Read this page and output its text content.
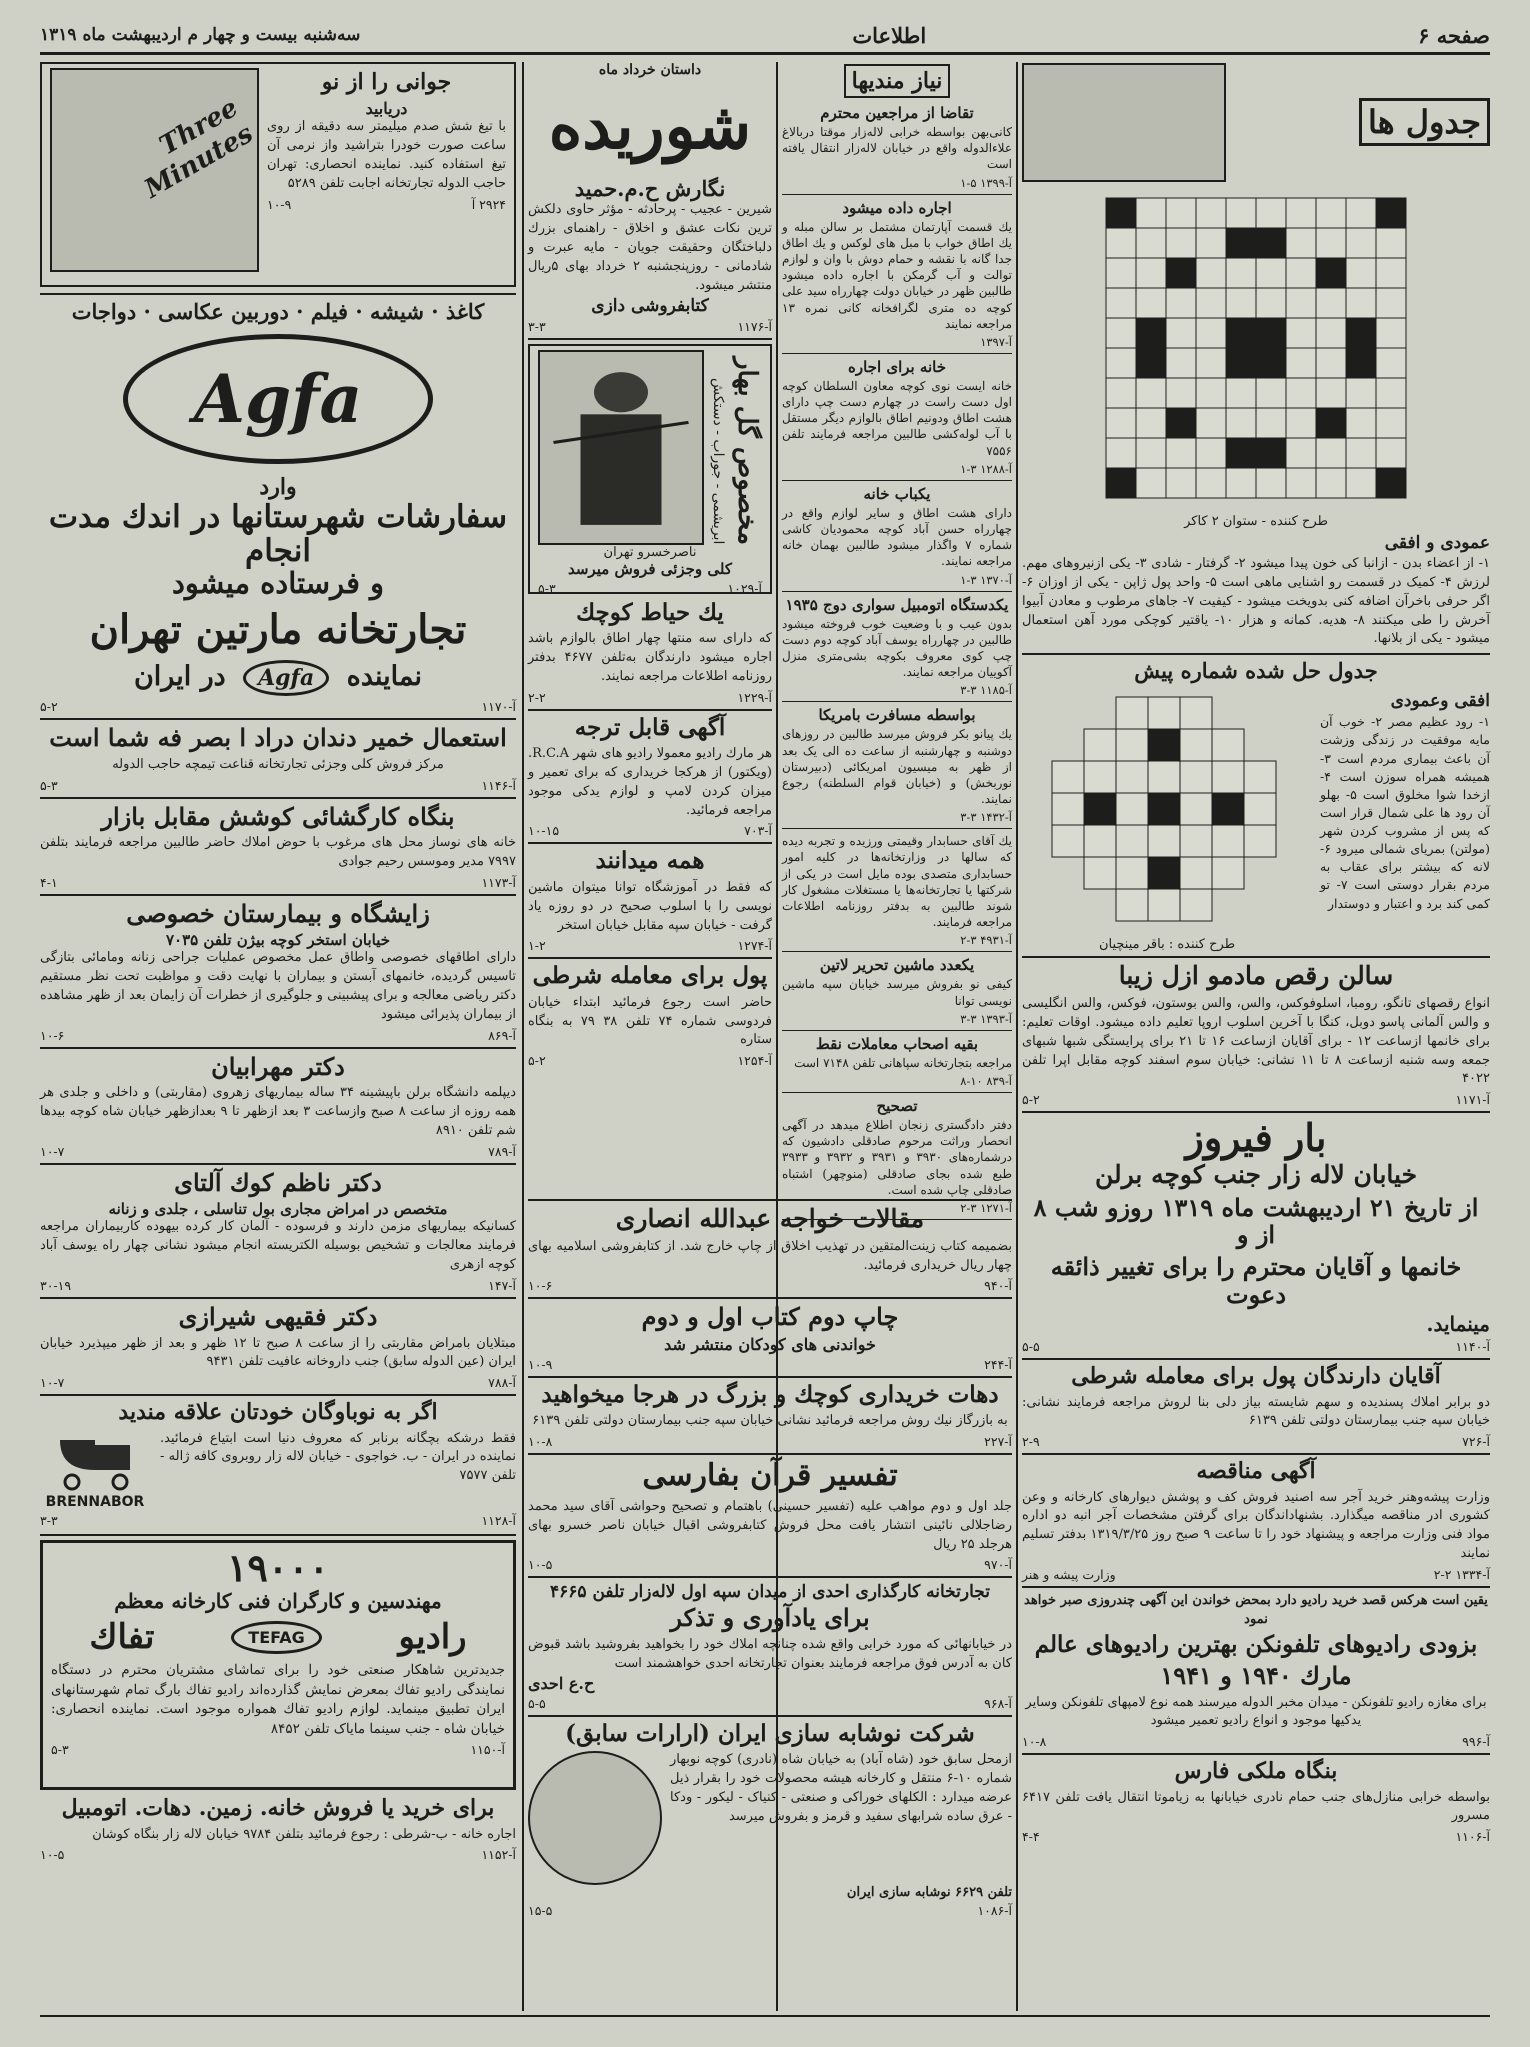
صفحه ۶
اطلاعات
سه‌شنبه بیست و چهار م اردیبهشت ماه ۱۳۱۹
جوانی را از نو
دریابید
با تیغ شش صدم میلیمتر سه دقیقه از روی ساعت صورت خودرا بتراشید واز نرمی آن تیغ استفاده کنید. نماینده انحصاری: تهران حاجب الدوله تجارتخانه اجابت تلفن ۵۲۸۹
۲۹۲۴ آ
۱۰-۹
Three Minutes
کاغذ · شیشه · فیلم · دوربین عکاسی · دواجات
Agfa
وارد
سفارشات شهرستانها در اندك مدت انجام
و فرستاده میشود
تجارتخانه مارتین تهران
نماینده Agfa در ایران
آ-۱۱۷۰
۵-۲
استعمال خمیر دندان دراد ا بصر فه شما است
مرکز فروش کلی وجزئی تجارتخانه قناعت تیمچه حاجب الدوله
آ-۱۱۴۶
۵-۳
بنگاه کارگشائی کوشش مقابل بازار
خانه های نوساز محل های مرغوب با حوض املاك حاضر طالبین مراجعه فرمایند بتلفن ۷۹۹۷ مدیر وموسس رحیم جوادی
آ-۱۱۷۳
۴-۱
زایشگاه و بیمارستان خصوصی
خیابان استخر کوچه بیژن تلفن ۷۰۳۵
دارای اطاقهای خصوصی واطاق عمل مخصوص عملیات جراحی زنانه ومامائی بتازگی تاسیس گردیده، خانمهای آبستن و بیماران با نهایت دقت و مواظبت تحت نظر مستقیم دکتر ریاضی معالجه و برای پیشبینی و جلوگیری از خطرات آن زایمان بعد از ظهر مشاهده از بیماران پذیرائی میشود
آ-۸۶۹
۱۰-۶
دکتر مهرابیان
دیپلمه دانشگاه برلن باپیشینه ۳۴ ساله بیماریهای زهروی (مقاربتی) و داخلی و جلدی هر همه روزه از ساعت ۸ صبح وازساعت ۳ بعد ازظهر تا ۹ بعدازظهر خیابان شاه کوچه بیدها شم تلفن ۸۹۱۰
آ-۷۸۹
۱۰-۷
دکتر ناظم کوك آلتای
متخصص در امراض مجاری بول تناسلی ، جلدی و زنانه
کسانیکه بیماریهای مزمن دارند و فرسوده - آلمان کار کرده بیهوده کاربیماران مراجعه فرمایند معالجات و تشخیص بوسیله الکتریسته انجام میشود نشانی چهار راه یوسف آباد کوچه ازهری
آ-۱۴۷
۳۰-۱۹
دکتر فقیهی شیرازی
مبتلایان بامراض مقاربتی را از ساعت ۸ صبح تا ۱۲ ظهر و بعد از ظهر میپذیرد خیابان ایران (عین الدوله سابق) جنب داروخانه عافیت تلفن ۹۴۳۱
آ-۷۸۸
۱۰-۷
اگر به نوباوگان خودتان علاقه مندید
فقط درشکه بچگانه برنابر که معروف دنیا است ابتیاع فرمائید. نماینده در ایران - ب. خواجوی - خیابان لاله زار روبروی کافه ژاله - تلفن ۷۵۷۷
BRENNABOR
آ-۱۱۲۸
۳-۳
۱۹۰۰۰
مهندسین و کارگران فنی کارخانه معظم
رادیو
TEFAG
تفاك
جدیدترین شاهکار صنعتی خود را برای تماشای مشتریان محترم در دستگاه نمایندگی رادیو تفاك بمعرض نمایش گذارده‌اند رادیو تفاك بارگ تمام شهرستانهای ایران تطبیق مینماید. لوازم رادیو تفاك همواره موجود است. نماینده انحصاری: خیابان شاه - جنب سینما مایاک تلفن ۸۴۵۲
آ-۱۱۵۰
۵-۳
برای خرید یا فروش خانه. زمین. دهات. اتومبیل
اجاره خانه - ب-شرطی : رجوع فرمائید بتلفن ۹۷۸۴ خیابان لاله زار بنگاه کوشان
آ-۱۱۵۲
۱۰-۵
داستان خرداد ماه
شوریده
نگارش ح.م.حمید
شیرین - عجیب - پرحادثه - مؤثر حاوی دلکش ترین نکات عشق و اخلاق - راهنمای بزرك دلباختگان وحقیقت جویان - مایه عبرت و شادمانی - روزپنجشنبه ۲ خرداد بهای ۵ریال منتشر میشود.
کتابفروشی دازی
آ-۱۱۷۶
۳-۳
مخصوص گل بهار
ابریشمی - جوراب - دستکش
ناصرخسرو تهران
کلی وجزئی فروش میرسد
آ-۱۰۲۹
۵-۳
یك حیاط کوچك
که دارای سه منتها چهار اطاق بالوازم باشد اجاره میشود دارندگان به‌تلفن ۴۶۷۷ بدفتر روزنامه اطلاعات مراجعه نمایند.
آ-۱۲۲۹
۲-۲
آگهی قابل ترجه
هر مارك رادیو معمولا رادیو های شهر R.C.A. (ویکتور) از هرکجا خریداری که برای تعمیر و میزان کردن لامپ و لوازم یدکی موجود مراجعه فرمائید.
آ-۷۰۳
۱۰-۱۵
همه میدانند
که فقط در آموزشگاه توانا میتوان ماشین نویسی را با اسلوب صحیح در دو روزه یاد گرفت - خیابان سپه مقابل خیابان استخر
آ-۱۲۷۴
۱-۲
پول برای معامله شرطی
حاضر است رجوع فرمائید ابتداء خیابان فردوسی شماره ۷۴ تلفن ۳۸ ۷۹ به بنگاه ستاره
آ-۱۲۵۴
۵-۲
نیاز مندیها
تقاضا از مراجعین محترم
کانی‌بهن بواسطه خرابی لاله‌زار موقتا دربالاغ علاءالدوله واقع در خیابان لاله‌زار انتقال یافته است
آ-۱۳۹۹ ۵-۱
اجاره داده میشود
یك قسمت آپارتمان مشتمل بر سالن مبله و یك اطاق خواب با مبل های لوکس و یك اطاق جدا گانه با نقشه و حمام دوش با وان و لوازم توالت و آب گرمکن با اجاره داده میشود طالبین ظهر در خیابان دولت چهارراه سید علی کوچه ده متری لگرافخانه کانی نمره ۱۳ مراجعه نمایند
آ-۱۳۹۷
خانه برای اجاره
خانه ایست نوی کوچه معاون السلطان کوچه اول دست راست در چهارم دست چپ دارای هشت اطاق ودونیم اطاق بالوازم دیگر مستقل با آب لوله‌کشی طالبین مراجعه فرمایند تلفن ۷۵۵۶
آ-۱۲۸۸ ۳-۱
یکباب خانه
دارای هشت اطاق و سایر لوازم واقع در چهارراه حسن آباد کوچه محمودیان کاشی شماره ۷ واگذار میشود طالبین بهمان خانه مراجعه نمایند.
آ-۱۳۷۰ ۳-۱
یکدستگاه اتومبیل سواری دوج ۱۹۳۵
بدون عیب و با وضعیت خوب فروخته میشود طالبین در چهارراه یوسف آباد کوچه دوم دست چپ کوی معروف بکوچه بشی‌متری منزل آکوییان مراجعه نمایند.
آ-۱۱۸۵ ۳-۳
بواسطه مسافرت بامریکا
یك پیانو بکر فروش میرسد طالبین در روزهای دوشنبه و چهارشنبه از ساعت ده الی یک بعد از ظهر به میسیون امریکائی (دبیرستان نوربخش) و (خیابان قوام السلطنه) رجوع نمایند.
آ-۱۴۳۲ ۳-۳
یك آقای حسابدار وقیمتی ورزیده و تجربه دیده که سالها در وزارتخانه‌ها در کلیه امور حسابداری متصدی بوده مایل است در یکی از شرکتها یا تجارتخانه‌ها یا مستغلات مشغول کار شوند طالبین به بدفتر روزنامه اطلاعات مراجعه فرمایند.
آ-۴۹۳۱ ۳-۲
یکعدد ماشین تحریر لاتین
کیفی نو بفروش میرسد خیابان سپه ماشین نویسی توانا
آ-۱۳۹۳ ۳-۳
بقیه اصحاب معاملات نقط
مراجعه بتجارتخانه سپاهانی تلفن ۷۱۴۸ است
آ-۸۳۹ ۱۰-۸
تصحیح
دفتر دادگستری زنجان اطلاع میدهد در آگهی انحصار وراثت مرحوم صادقلی دادشیون که درشماره‌های ۳۹۳۰ و ۳۹۳۱ و ۳۹۳۲ و ۳۹۳۳ طبع شده بجای صادقلی (منوچهر) اشتباه صادقلی چاپ شده است.
آ-۱۲۷۱ ۳-۲
مقالات خواجه عبدالله انصاری
بضمیمه کتاب زینت‌المتقین در تهذیب اخلاق از چاپ خارج شد. از کتابفروشی اسلامیه بهای چهار ریال خریداری فرمائید.
آ-۹۴۰
۱۰-۶
چاپ دوم کتاب اول و دوم
خواندنی های کودکان منتشر شد
آ-۲۴۴
۱۰-۹
دهات خریداری کوچك و بزرگ در هرجا میخواهید
به بازرگاز نیك روش مراجعه فرمائید نشانی خیابان سپه جنب بیمارستان دولتی تلفن ۶۱۳۹
آ-۲۲۷
۱۰-۸
تفسیر قرآن بفارسی
جلد اول و دوم مواهب علیه (تفسیر حسینی) باهتمام و تصحیح وحواشی آقای سید محمد رضاجلالی نائینی انتشار یافت محل فروش کتابفروشی اقبال خیابان ناصر خسرو بهای هرجلد ۲۵ ریال
آ-۹۷۰
۱۰-۵
تجارتخانه کارگذاری احدی از میدان سپه اول لاله‌زار تلفن ۴۶۶۵
برای یادآوری و تذکر
در خیابانهائی که مورد خرابی واقع شده چنانچه املاك خود را بخواهید بفروشید باشد قبوض کان به آدرس فوق مراجعه فرمایند بعنوان تجارتخانه احدی خواهشمند است
ح.ع احدی
آ-۹۶۸
۵-۵
شرکت نوشابه سازی ایران (ارارات سابق)
ازمحل سابق خود (شاه آباد) به خیابان شاه (نادری) کوچه نوبهار شماره ۱۰-۶ منتقل و کارخانه هیشه محصولات خود را بقرار ذیل عرضه میدارد : الکلهای خوراکی و صنعتی - کنیاک - لیکور - ودکا - عرق ساده شرابهای سفید و قرمز و بفروش میرسد
تلفن ۶۶۲۹ نوشابه سازی ایران
آ-۱۰۸۶
۱۵-۵
جدول ها
طرح کننده - ستوان ۲ کاکر
عمودی و افقی
۱- از اعضاء بدن - ازانبا کی خون پیدا میشود ۲- گرفتار - شادی ۳- یکی ازنیروهای مهم. لرزش ۴- کمیک در قسمت رو اشنایی ماهی است ۵- واحد پول ژاپن - یکی از اوزان ۶- اگر حرفی باخرآن اضافه کنی بدویخت میشود - کیفیت ۷- جاهای مرطوب و معادن آبیوا آخرش را طی میکنند ۸- هدیه. کمانه و هزار ۱۰- یاقتیر کوچکی مورد آهن استعمال میشود - یکی از بلانها.
جدول حل شده شماره پیش
افقی وعمودی
۱- رود عظیم مصر ۲- خوب آن مایه موفقیت در زندگی وزشت آن باعث بیماری مردم است ۳- همیشه همراه سوزن است ۴- ازخدا شوا مخلوق است ۵- بهلو آن رود ها علی شمال قرار است که پس از مشروب کردن شهر (مولتن) بمریای شمالی میرود ۶- لانه که بیشتر برای عقاب به مردم بقرار دوستی است ۷- تو کمی کند برد و اعتبار و دوستدار
طرح کننده : باقر مینچیان
سالن رقص مادمو ازل زیبا
انواع رقصهای تانگو، رومبا، اسلوفوکس، والس، والس بوستون، فوکس، والس انگلیسی و والس آلمانی پاسو دوبل، کنگا با آخرین اسلوب اروپا تعلیم داده میشود. اوقات تعلیم: برای خانمها ازساعت ۱۲ - برای آقایان ازساعت ۱۶ تا ۲۱ برای پرایستگی شبها شبهای جمعه وسه شنبه ازساعت ۸ تا ۱۱ نشانی: خیابان سوم اسفند کوچه مقابل اپرا تلفن ۴۰۲۲
آ-۱۱۷۱
۵-۲
بار فیروز
خیابان لاله زار جنب کوچه برلن
از تاریخ ۲۱ اردیبهشت ماه ۱۳۱۹ روزو شب ۸ از و
خانمها و آقایان محترم را برای تغییر ذائقه دعوت
مینماید.
آ-۱۱۴۰
۵-۵
آقایان دارندگان پول برای معامله شرطی
دو برابر املاك پسندیده و سهم شایسته بیاز دلی بنا لروش مراجعه فرمایند نشانی: خیابان سپه جنب بیمارستان دولتی تلفن ۶۱۳۹
آ-۷۲۶
۲-۹
آگهی مناقصه
وزارت پیشه‌وهنر خرید آجر سه اصنید فروش کف و پوشش دیوارهای کارخانه و وعن کشوری ادر مناقصه میگذارد. بشنهاداندگان برای گرفتن مشخصات آجر انبه دو اداره مواد فنی وزارت مراجعه و پیشنهاد خود را تا ساعت ۹ صبح روز ۱۳۱۹/۳/۲۵ بدفتر تسلیم نمایند
آ-۱۳۳۴ ۲-۲
وزارت پیشه و هنر
یقین است هرکس قصد خرید رادیو دارد بمحض خواندن این آگهی چندروزی صبر خواهد نمود
بزودی رادیوهای تلفونکن بهترین رادیوهای عالم
مارك ۱۹۴۰ و ۱۹۴۱
برای مغازه رادیو تلفونکن - میدان مخبر الدوله میرسند همه نوع لامپهای تلفونکن وسایر یدکیها موجود و انواع رادیو تعمیر میشود
آ-۹۹۶
۱۰-۸
بنگاه ملکی فارس
بواسطه خرابی منازل‌های جنب حمام نادری خیابانها به زیاموتا انتقال یافت تلفن ۶۴۱۷ مسرور
آ-۱۱۰۶
۴-۴
